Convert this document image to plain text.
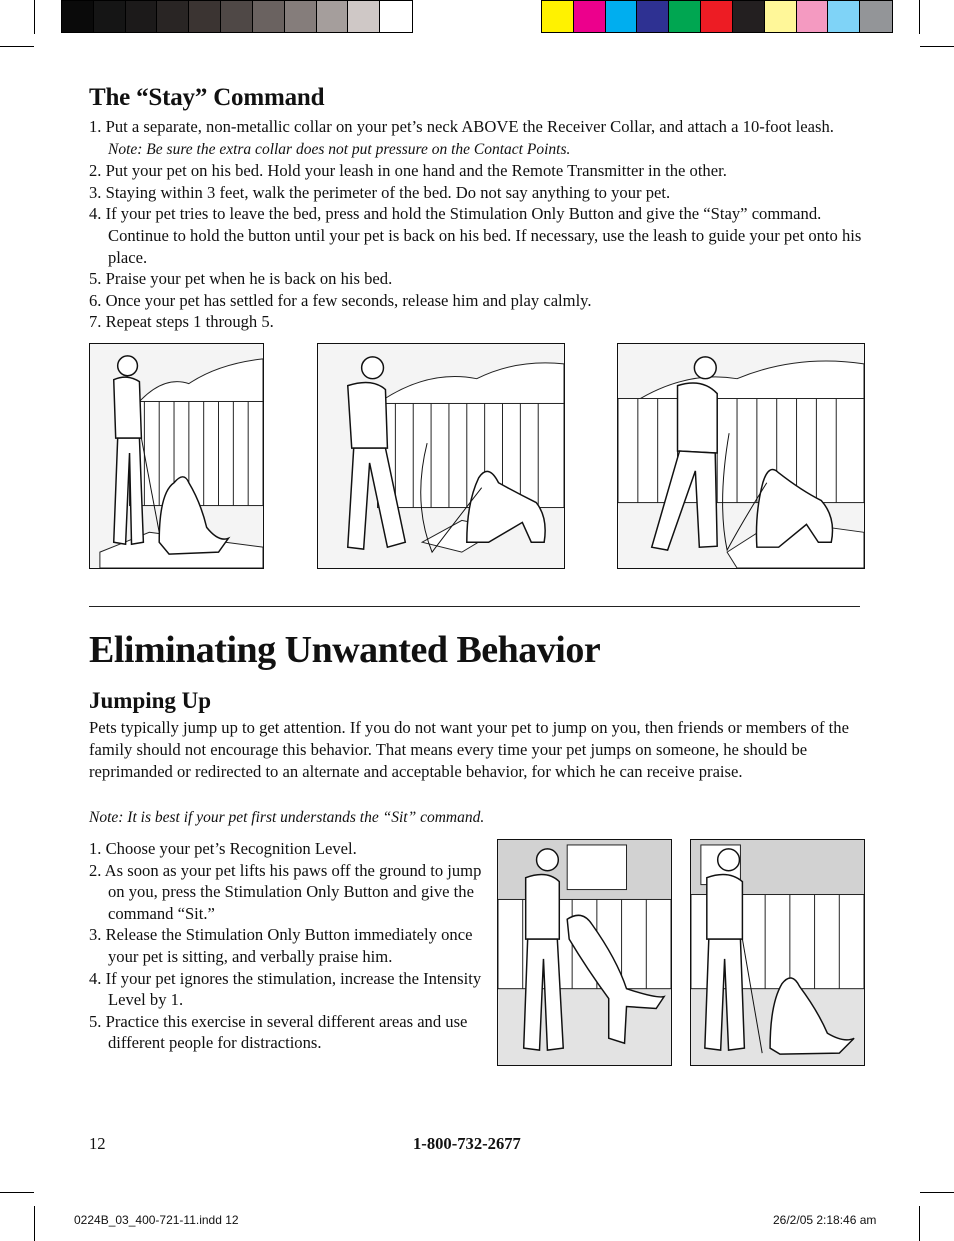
The “Stay” Command
1. Put a separate, non-metallic collar on your pet’s neck ABOVE the Receiver Collar, and attach a 10-foot leash. Note: Be sure the extra collar does not put pressure on the Contact Points.
2. Put your pet on his bed. Hold your leash in one hand and the Remote Transmitter in the other.
3. Staying within 3 feet, walk the perimeter of the bed. Do not say anything to your pet.
4. If your pet tries to leave the bed, press and hold the Stimulation Only Button and give the “Stay” command. Continue to hold the button until your pet is back on his bed. If necessary, use the leash to guide your pet onto his place.
5. Praise your pet when he is back on his bed.
6. Once your pet has settled for a few seconds, release him and play calmly.
7. Repeat steps 1 through 5.
Eliminating Unwanted Behavior
Jumping Up

Pets typically jump up to get attention. If you do not want your pet to jump on you, then friends or members of the family should not encourage this behavior. That means every time your pet jumps on someone, he should be reprimanded or redirected to an alternate and acceptable behavior, for which he can receive praise.

Note: It is best if your pet first understands the “Sit” command.

1. Choose your pet’s Recognition Level.
2. As soon as your pet lifts his paws off the ground to jump on you, press the Stimulation Only Button and give the command “Sit.”
3. Release the Stimulation Only Button immediately once your pet is sitting, and verbally praise him.
4. If your pet ignores the stimulation, increase the Intensity Level by 1.
5. Practice this exercise in several different areas and use different people for distractions.
12	1-800-732-2677
0224B_03_400-721-11.indd 12	26/2/05 2:18:46 am
